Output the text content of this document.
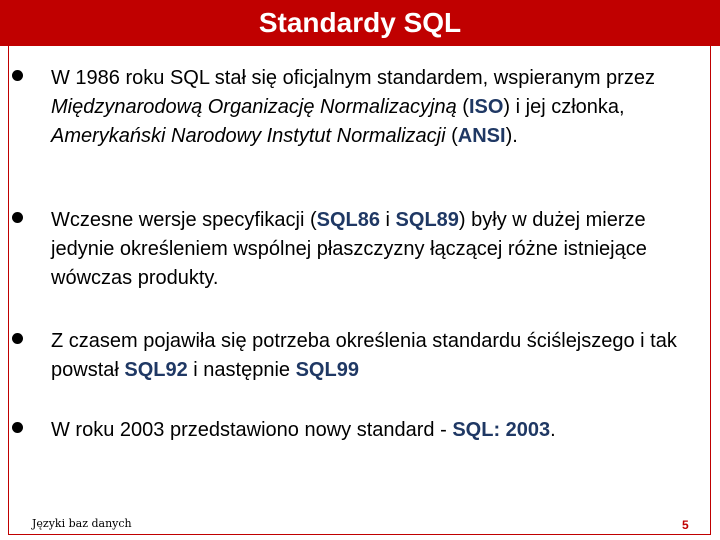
Standardy SQL
W 1986 roku SQL stał się oficjalnym standardem, wspieranym przez Międzynarodową Organizację Normalizacyjną (ISO) i jej członka, Amerykański Narodowy Instytut Normalizacji (ANSI).
Wczesne wersje specyfikacji (SQL86 i SQL89) były w dużej mierze jedynie określeniem wspólnej płaszczyzny łączącej różne istniejące wówczas produkty.
Z czasem pojawiła się potrzeba określenia standardu ściślejszego i tak powstał SQL92 i następnie SQL99
W roku 2003 przedstawiono nowy standard - SQL: 2003.
Języki baz danych	5
